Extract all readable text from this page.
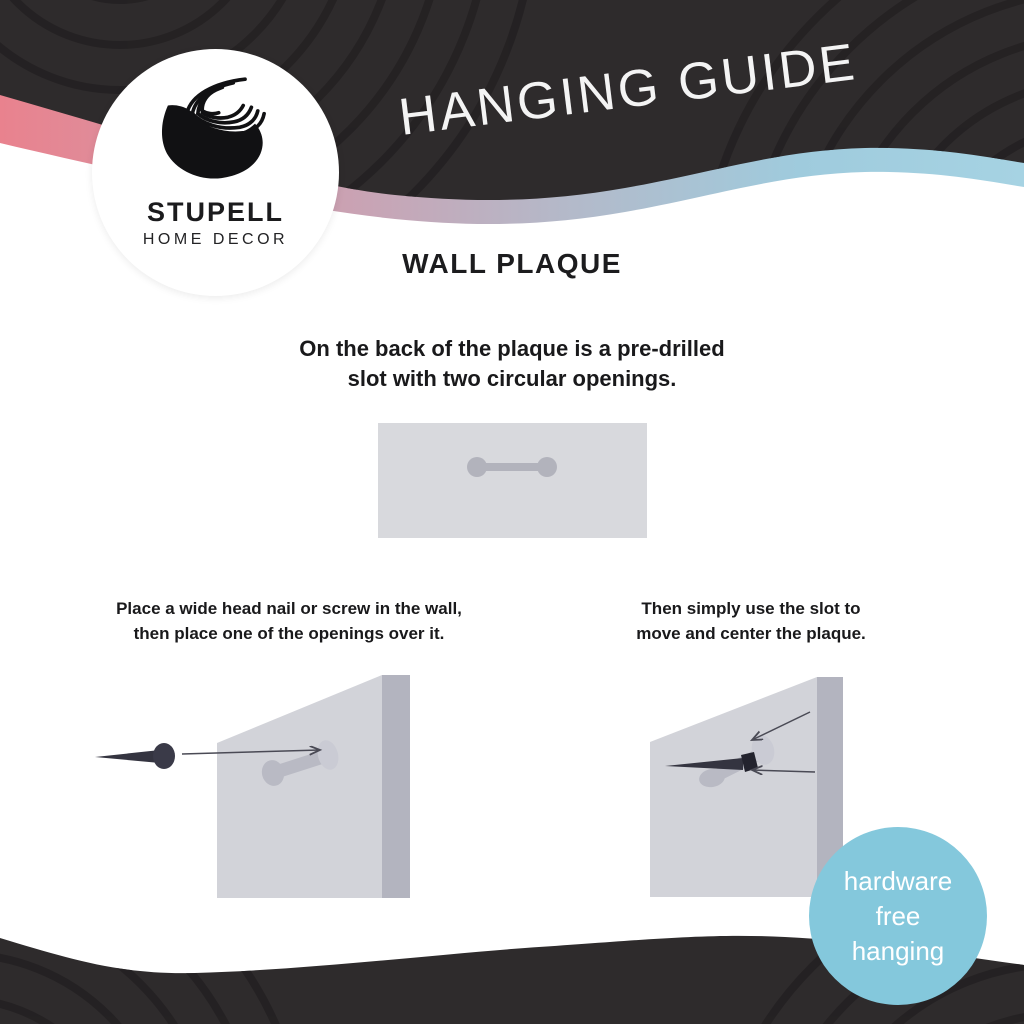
HANGING GUIDE
STUPELL
HOME DECOR
WALL PLAQUE
On the back of the plaque is a pre-drilled
slot with two circular openings.
Place a wide head nail or screw in the wall,
then place one of the openings over it.
Then simply use the slot to
move and center the plaque.
hardware
free
hanging
